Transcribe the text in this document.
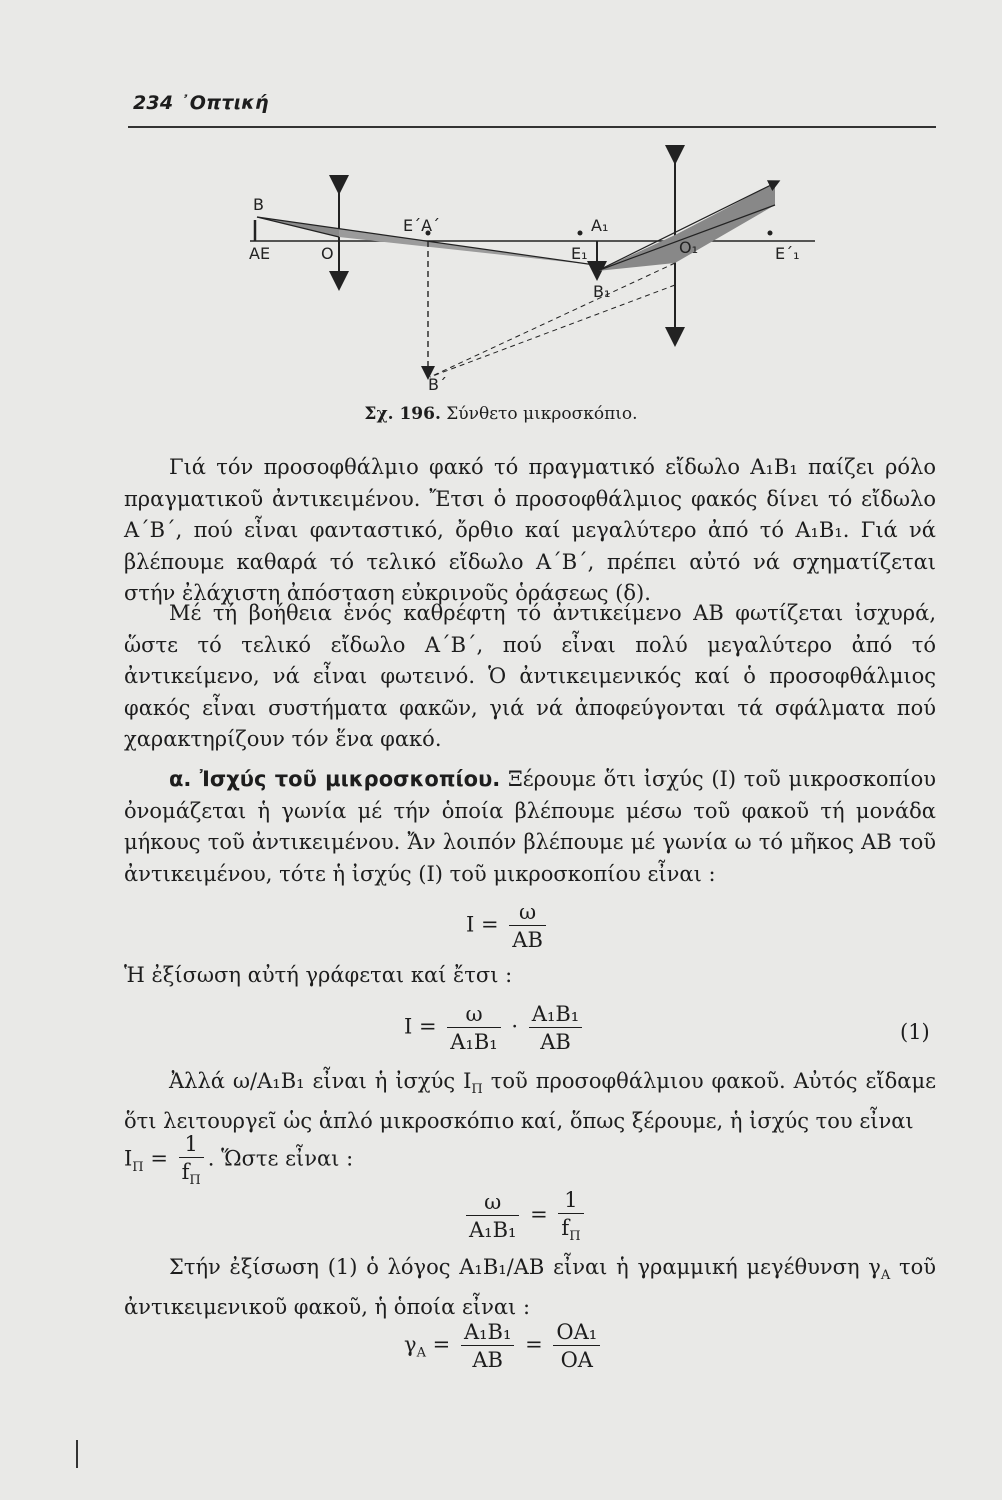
234 ᾿Οπτική
B
AE	O
E΄A΄	A₁
E₁	O₁	E΄₁
B₁
B΄
Σχ. 196. Σύνθετο μικροσκόπιο.

Γιά τόν προσοφθάλμιο φακό τό πραγματικό εἴδωλο A₁B₁ παίζει ρόλο πραγματικοῦ ἀντικειμένου. Ἔτσι ὁ προσοφθάλμιος φακός δίνει τό εἴδωλο A΄B΄, πού εἶναι φανταστικό, ὄρθιο καί μεγαλύτερο ἀπό τό A₁B₁. Γιά νά βλέπουμε καθαρά τό τελικό εἴδωλο A΄B΄, πρέπει αὐτό νά σχηματίζεται στήν ἐλάχιστη ἀπόσταση εὐκρινοῦς ὁράσεως (δ).

Μέ τή βοήθεια ἑνός καθρέφτη τό ἀντικείμενο AB φωτίζεται ἰσχυρά, ὥστε τό τελικό εἴδωλο A΄B΄, πού εἶναι πολύ μεγαλύτερο ἀπό τό ἀντικείμενο, νά εἶναι φωτεινό. Ὁ ἀντικειμενικός καί ὁ προσοφθάλμιος φακός εἶναι συστήματα φακῶν, γιά νά ἀποφεύγονται τά σφάλματα πού χαρακτηρίζουν τόν ἕνα φακό.

α. Ἰσχύς τοῦ μικροσκοπίου. Ξέρουμε ὅτι ἰσχύς (I) τοῦ μικροσκοπίου ὀνομάζεται ἡ γωνία μέ τήν ὁποία βλέπουμε μέσω τοῦ φακοῦ τή μονάδα μήκους τοῦ ἀντικειμένου. Ἄν λοιπόν βλέπουμε μέ γωνία ω τό μῆκος AB τοῦ ἀντικειμένου, τότε ἡ ἰσχύς (I) τοῦ μικροσκοπίου εἶναι :

$I = \frac{\omega}{AB}$

Ἡ ἐξίσωση αὐτή γράφεται καί ἔτσι :

$I = \frac{\omega}{\text{A₁B₁}} \cdot \frac{\text{A₁B₁}}{AB}$	(1)

Ἀλλά ω/A₁B₁ εἶναι ἡ ἰσχύς $I_\Pi$ τοῦ προσοφθάλμιου φακοῦ. Αὐτός εἴδαμε ὅτι λειτουργεῖ ὡς ἁπλό μικροσκόπιο καί, ὅπως ξέρουμε, ἡ ἰσχύς του εἶναι

$I_\Pi = \frac{1}{f_\Pi}$ . Ὥστε εἶναι :
$\frac{\omega}{\text{A₁B₁}} = \frac{1}{f_\Pi}$

Στήν ἐξίσωση (1) ὁ λόγος A₁B₁/AB εἶναι ἡ γραμμική μεγέθυνση $\gamma_A$ τοῦ ἀντικειμενικοῦ φακοῦ, ἡ ὁποία εἶναι :

$\gamma_A = \frac{\text{A₁B₁}}{AB} = \frac{\text{OA₁}}{OA}$
